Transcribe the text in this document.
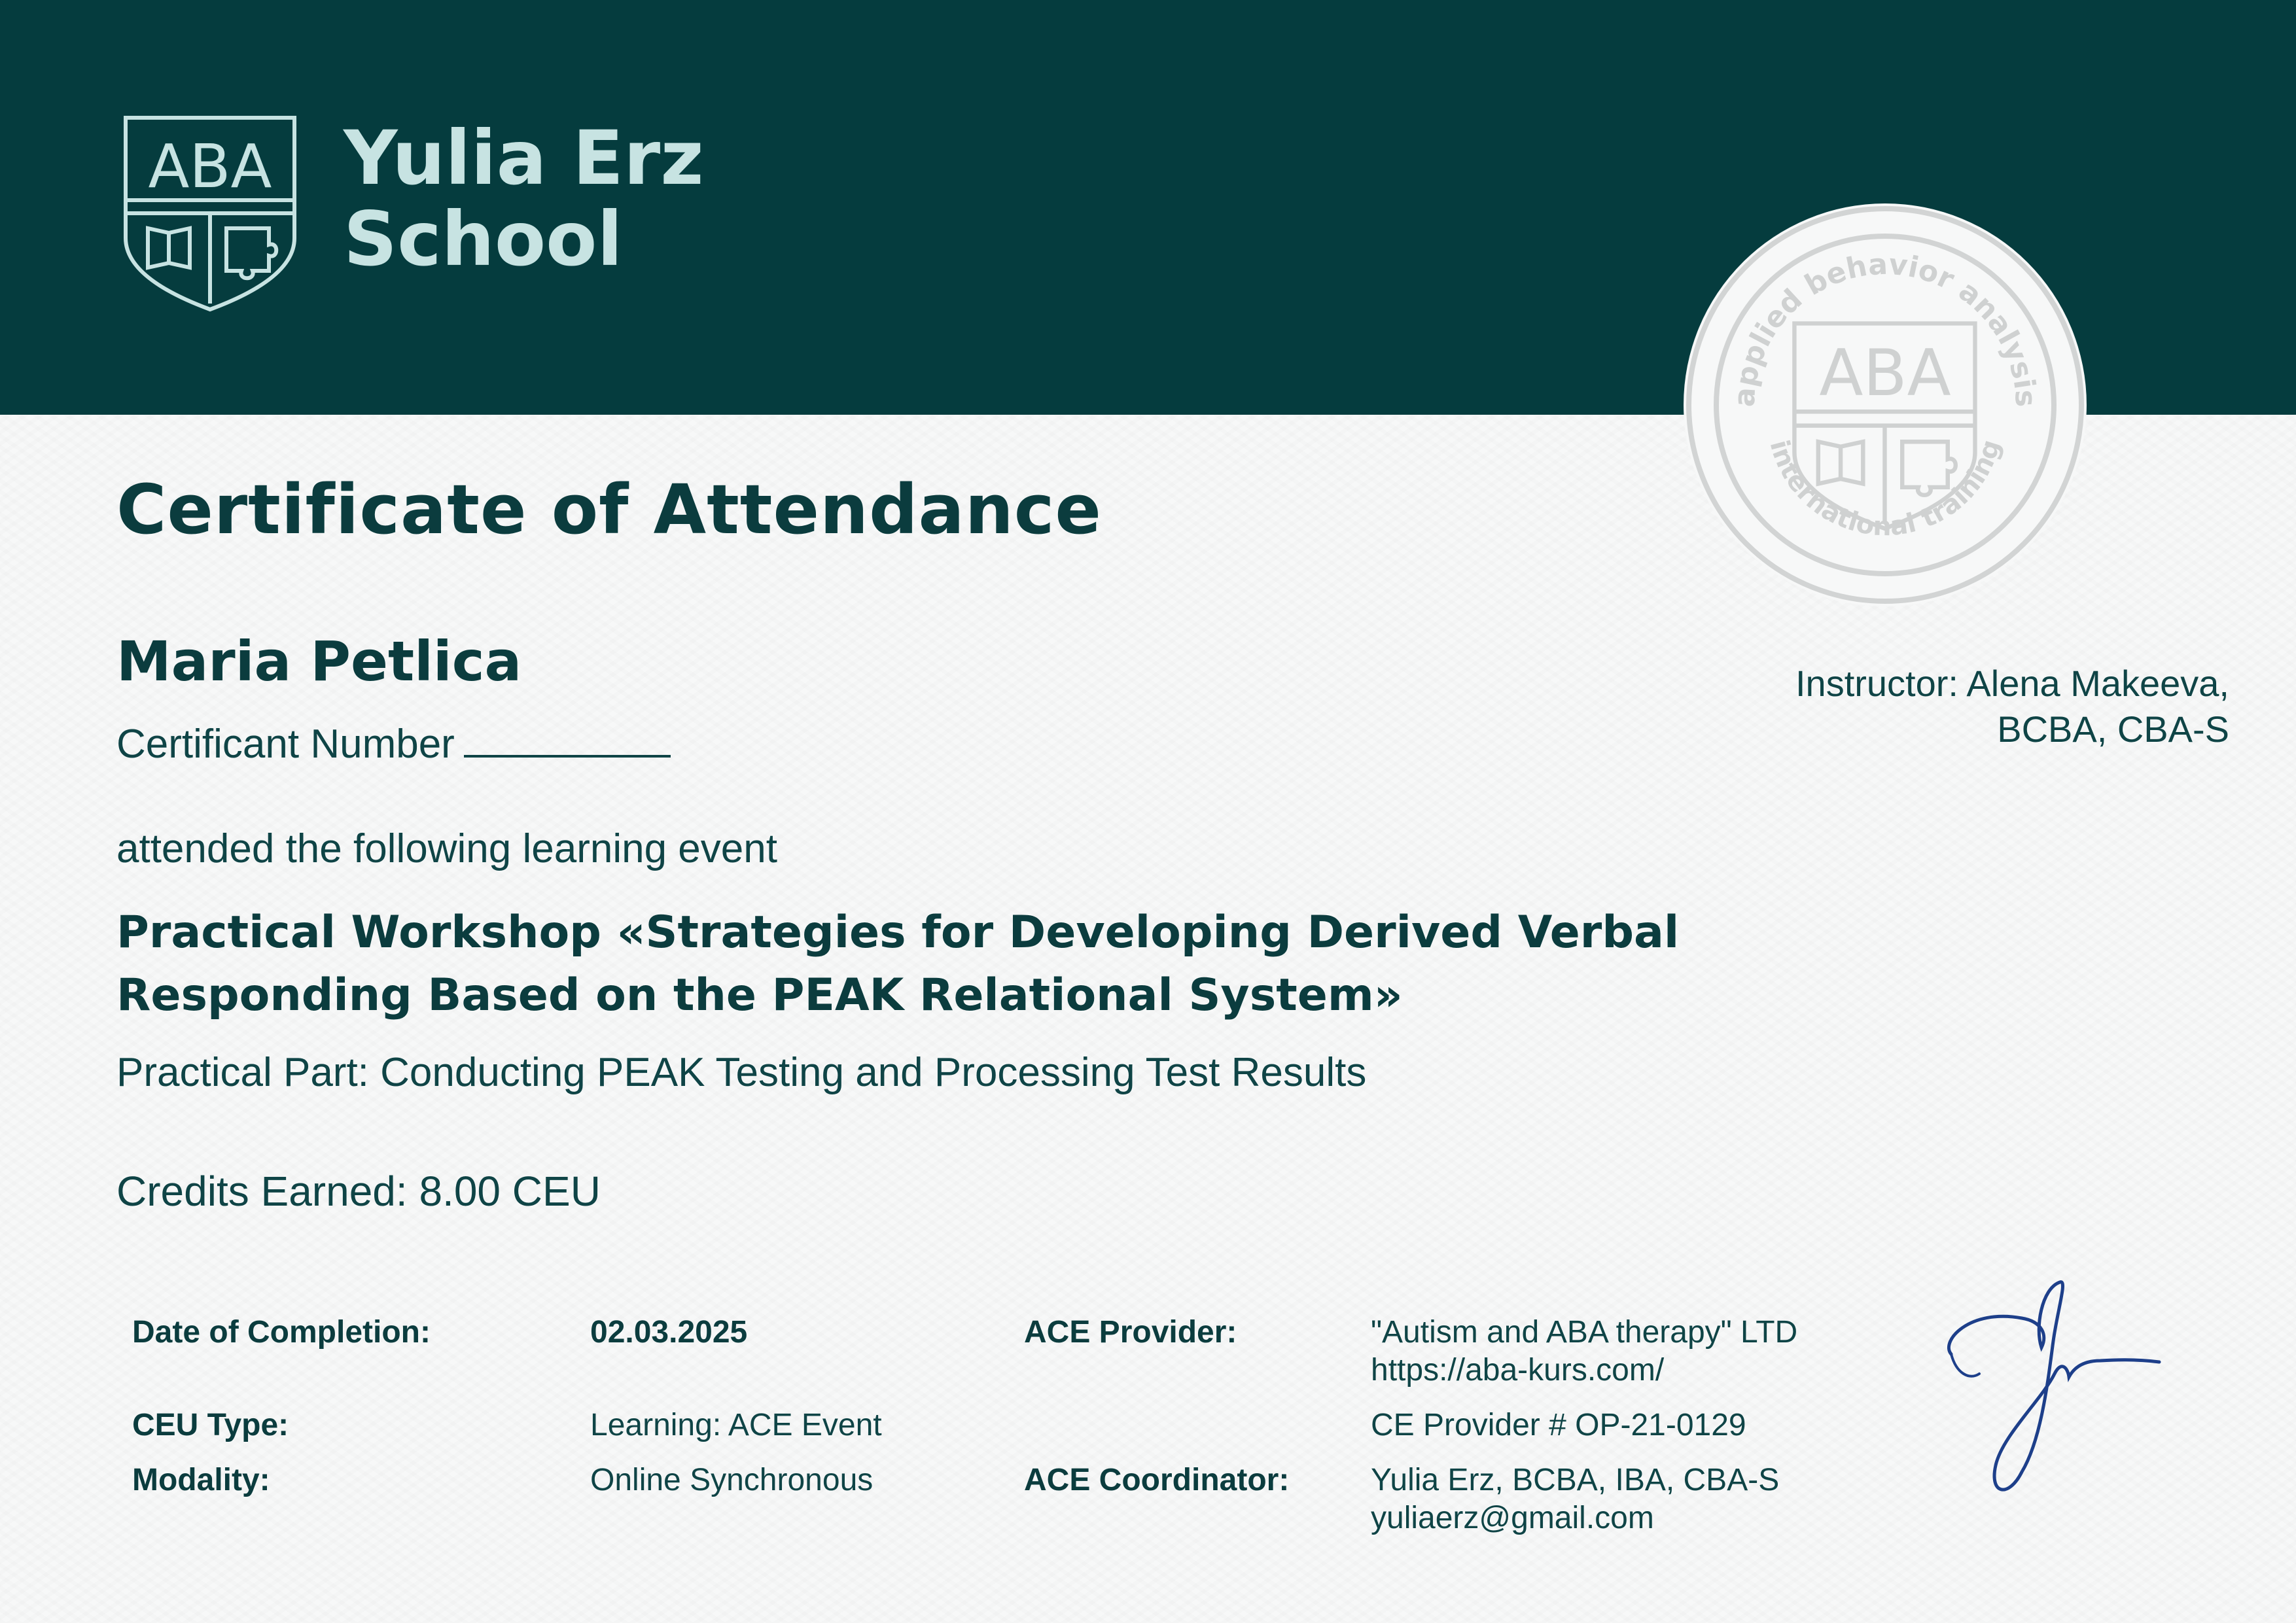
ABA Yulia Erz
School
applied behavior analysis
international training
ABA
Certificate of Attendance
Maria Petlica
Certificant Number
Instructor: Alena Makeeva,
BCBA, CBA-S
attended the following learning event
Practical Workshop «Strategies for Developing Derived Verbal
Responding Based on the PEAK Relational System»
Practical Part: Conducting PEAK Testing and Processing Test Results
Credits Earned: 8.00 CEU
Date of Completion:	02.03.2025
CEU Type:	Learning: ACE Event
Modality:	Online Synchronous
ACE Provider:	"Autism and ABA therapy" LTD
https://aba-kurs.com/
CE Provider # OP-21-0129
ACE Coordinator:	Yulia Erz, BCBA, IBA, CBA-S
yuliaerz@gmail.com
